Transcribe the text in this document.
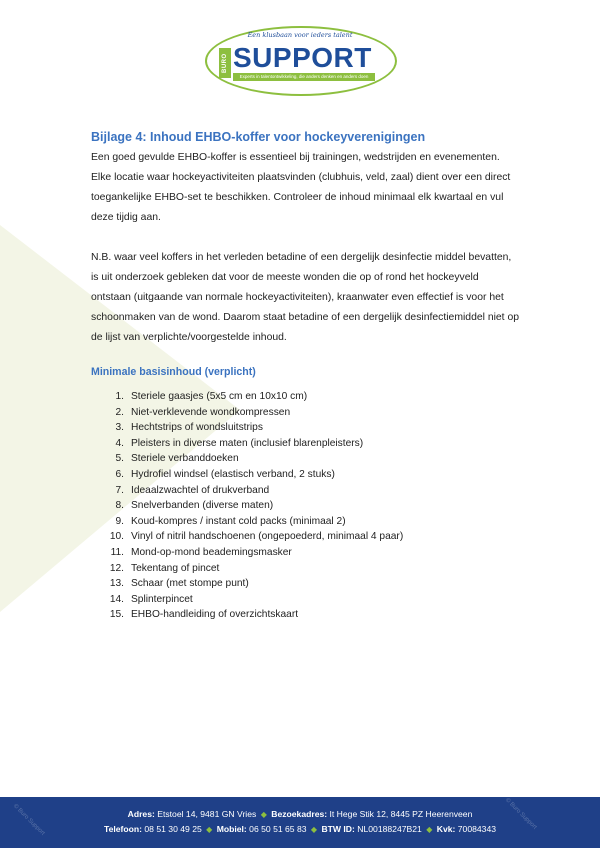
Een klusbaan voor ieders talent
BURO SUPPORT
Experts in talentontwikkeling, die anders denken en anders doen
Bijlage 4: Inhoud EHBO-koffer voor hockeyverenigingen

Een goed gevulde EHBO-koffer is essentieel bij trainingen, wedstrijden en evenementen. Elke locatie waar hockeyactiviteiten plaatsvinden (clubhuis, veld, zaal) dient over een direct toegankelijke EHBO-set te beschikken. Controleer de inhoud minimaal elk kwartaal en vul deze tijdig aan.

N.B. waar veel koffers in het verleden betadine of een dergelijk desinfectie middel bevatten, is uit onderzoek gebleken dat voor de meeste wonden die op of rond het hockeyveld ontstaan (uitgaande van normale hockeyactiviteiten), kraanwater even effectief is voor het schoonmaken van de wond. Daarom staat betadine of een dergelijk desinfectiemiddel niet op de lijst van verplichte/voorgestelde inhoud.

Minimale basisinhoud (verplicht)
1. Steriele gaasjes (5x5 cm en 10x10 cm)
2. Niet-verklevende wondkompressen
3. Hechtstrips of wondsluitstrips
4. Pleisters in diverse maten (inclusief blarenpleisters)
5. Steriele verbanddoeken
6. Hydrofiel windsel (elastisch verband, 2 stuks)
7. Ideaalzwachtel of drukverband
8. Snelverbanden (diverse maten)
9. Koud-kompres / instant cold packs (minimaal 2)
10. Vinyl of nitril handschoenen (ongepoederd, minimaal 4 paar)
11. Mond-op-mond beademingsmasker
12. Tekentang of pincet
13. Schaar (met stompe punt)
14. Splinterpincet
15. EHBO-handleiding of overzichtskaart
© Buro Support	© Buro Support
Adres: Etstoel 14, 9481 GN Vries ◆ Bezoekadres: It Hege Stik 12, 8445 PZ Heerenveen
Telefoon: 08 51 30 49 25 ◆ Mobiel: 06 50 51 65 83 ◆ BTW ID: NL00188247B21 ◆ Kvk: 70084343
